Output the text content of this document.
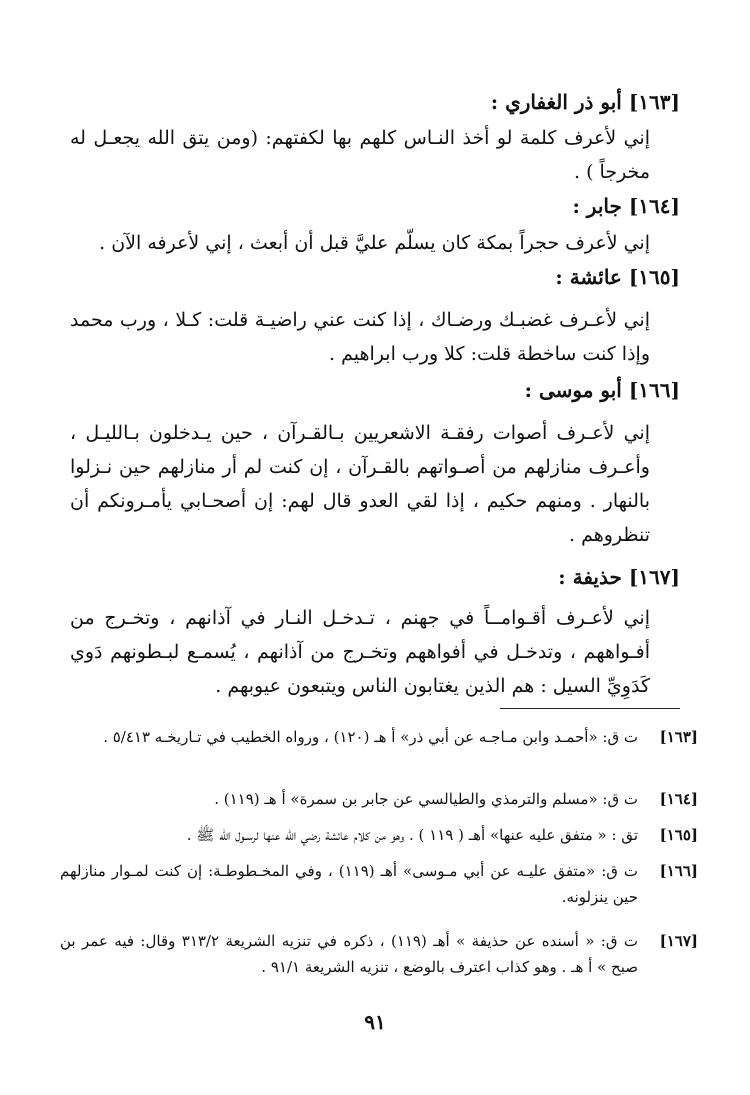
[١٦٣] أبو ذر الغفاري :
إني لأعرف كلمة لو أخذ النـاس كلهم بها لكفتهم: (ومن يتق الله يجعـل له مخرجاً ) .
[١٦٤] جابر :
إني لأعرف حجراً بمكة كان يسلّم عليَّ قبل أن أبعث ، إني لأعرفه الآن .
[١٦٥] عائشة :
إني لأعـرف غضبـك ورضـاك ، إذا كنت عني راضيـة قلت: كـلا ، ورب محمد وإذا كنت ساخطة قلت: كلا ورب ابراهيم .
[١٦٦] أبو موسى :
إني لأعـرف أصوات رفقـة الاشعريين بـالقـرآن ، حين يـدخلون بـالليـل ، وأعـرف منازلهم من أصـواتهم بالقـرآن ، إن كنت لم أر منازلهم حين نـزلوا بالنهار . ومنهم حكيم ، إذا لقي العدو قال لهم: إن أصحـابي يأمـرونكم أن تنظروهم .
[١٦٧] حذيفة :
إني لأعـرف أقـوامــاً في جهنم ، تـدخـل النـار في آذانهم ، وتخـرج من أفـواههم ، وتدخـل في أفواههم وتخـرج من آذانهم ، يُسمـع لبـطونهم دَوي كَدَوِيِّ السيل : هم الذين يغتابون الناس ويتبعون عيوبهم .
[١٦٣]
ت ق: «أحمـد وابن مـاجـه عن أبي ذر» أ هـ (١٢٠) ، ورواه الخطيب في تـاريخـه ٥/٤١٣ .
[١٦٤]
ت ق: «مسلم والترمذي والطيالسي عن جابر بن سمرة» أ هـ (١١٩) .
[١٦٥]
تق : « متفق عليه عنها» أهـ ( ١١٩ ) . وهو من كلام عائشة رضي الله عنها لرسـول الله ﷺ .
[١٦٦]
ت ق: «متفق عليـه عن أبي مـوسى» أهـ (١١٩) ، وفي المخـطوطـة: إن كنت لمـوار منازلهم حين ينزلونه.
[١٦٧]
ت ق: « أسنده عن حذيفة » أهـ (١١٩) ، ذكره في تنزيه الشريعة ٣١٣/٢ وقال: فيه عمر بن صبح » أ هـ . وهو كذاب اعترف بالوضع ، تنزيه الشريعة ٩١/١ .
٩١
